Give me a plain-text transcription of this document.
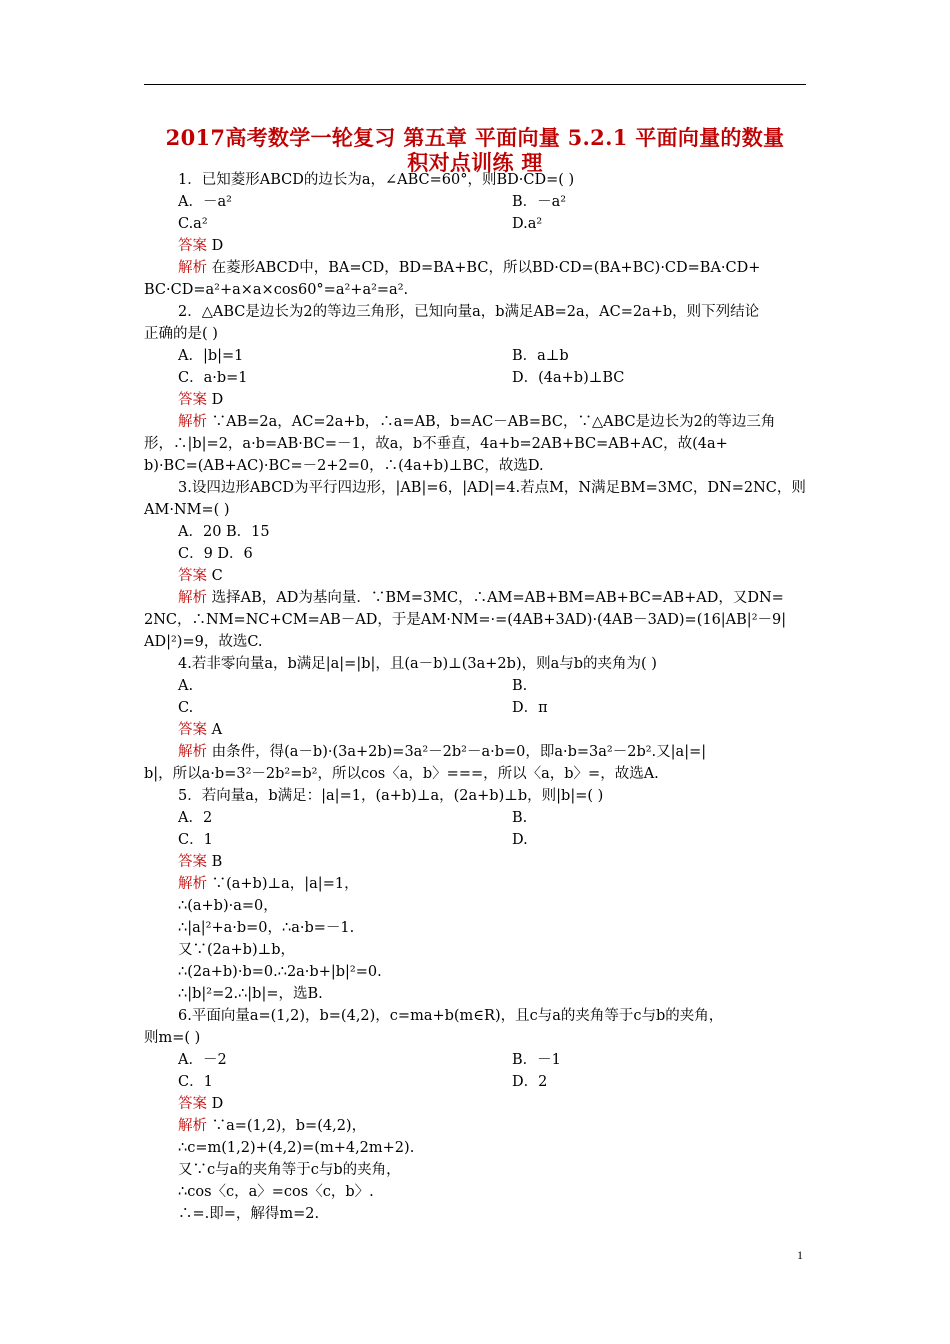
2017高考数学一轮复习 第五章 平面向量 5.2.1 平面向量的数量
积对点训练 理
1．已知菱形ABCD的边长为a，∠ABC=60°，则BD·CD=( )
A．－a²	B．－a²
C.a²	D.a²
答案 D
解析 在菱形ABCD中，BA=CD，BD=BA+BC，所以BD·CD=(BA+BC)·CD=BA·CD+
BC·CD=a²+a×a×cos60°=a²+a²=a².
2．△ABC是边长为2的等边三角形，已知向量a，b满足AB=2a，AC=2a+b，则下列结论
正确的是( )
A．|b|=1	B．a⊥b
C．a·b=1	D．(4a+b)⊥BC
答案 D
解析 ∵AB=2a，AC=2a+b，∴a=AB，b=AC－AB=BC，∵△ABC是边长为2的等边三角
形，∴|b|=2，a·b=AB·BC=－1，故a，b不垂直，4a+b=2AB+BC=AB+AC，故(4a+
b)·BC=(AB+AC)·BC=－2+2=0，∴(4a+b)⊥BC，故选D.
3.设四边形ABCD为平行四边形，|AB|=6，|AD|=4.若点M，N满足BM=3MC，DN=2NC，则
AM·NM=( )
A．20 B．15
C．9 D．6
答案 C
解析 选择AB，AD为基向量．∵BM=3MC，∴AM=AB+BM=AB+BC=AB+AD，又DN=
2NC，∴NM=NC+CM=AB－AD，于是AM·NM=·=(4AB+3AD)·(4AB－3AD)=(16|AB|²－9|
AD|²)=9，故选C.
4.若非零向量a，b满足|a|=|b|，且(a－b)⊥(3a+2b)，则a与b的夹角为( )
A.	B.
C.	D．π
答案 A
解析 由条件，得(a－b)·(3a+2b)=3a²－2b²－a·b=0，即a·b=3a²－2b².又|a|=|
b|，所以a·b=3²－2b²=b²，所以cos〈a，b〉===，所以〈a，b〉=，故选A.
5．若向量a，b满足：|a|=1，(a+b)⊥a，(2a+b)⊥b，则|b|=( )
A．2	B.
C．1	D.
答案 B
解析 ∵(a+b)⊥a，|a|=1，
∴(a+b)·a=0，
∴|a|²+a·b=0，∴a·b=－1.
又∵(2a+b)⊥b，
∴(2a+b)·b=0.∴2a·b+|b|²=0.
∴|b|²=2.∴|b|=，选B.
6.平面向量a=(1,2)，b=(4,2)，c=ma+b(m∈R)，且c与a的夹角等于c与b的夹角，
则m=( )
A．－2	B．－1
C．1	D．2
答案 D
解析 ∵a=(1,2)，b=(4,2)，
∴c=m(1,2)+(4,2)=(m+4,2m+2).
又∵c与a的夹角等于c与b的夹角，
∴cos〈c，a〉=cos〈c，b〉.
∴=.即=，解得m=2.
1
